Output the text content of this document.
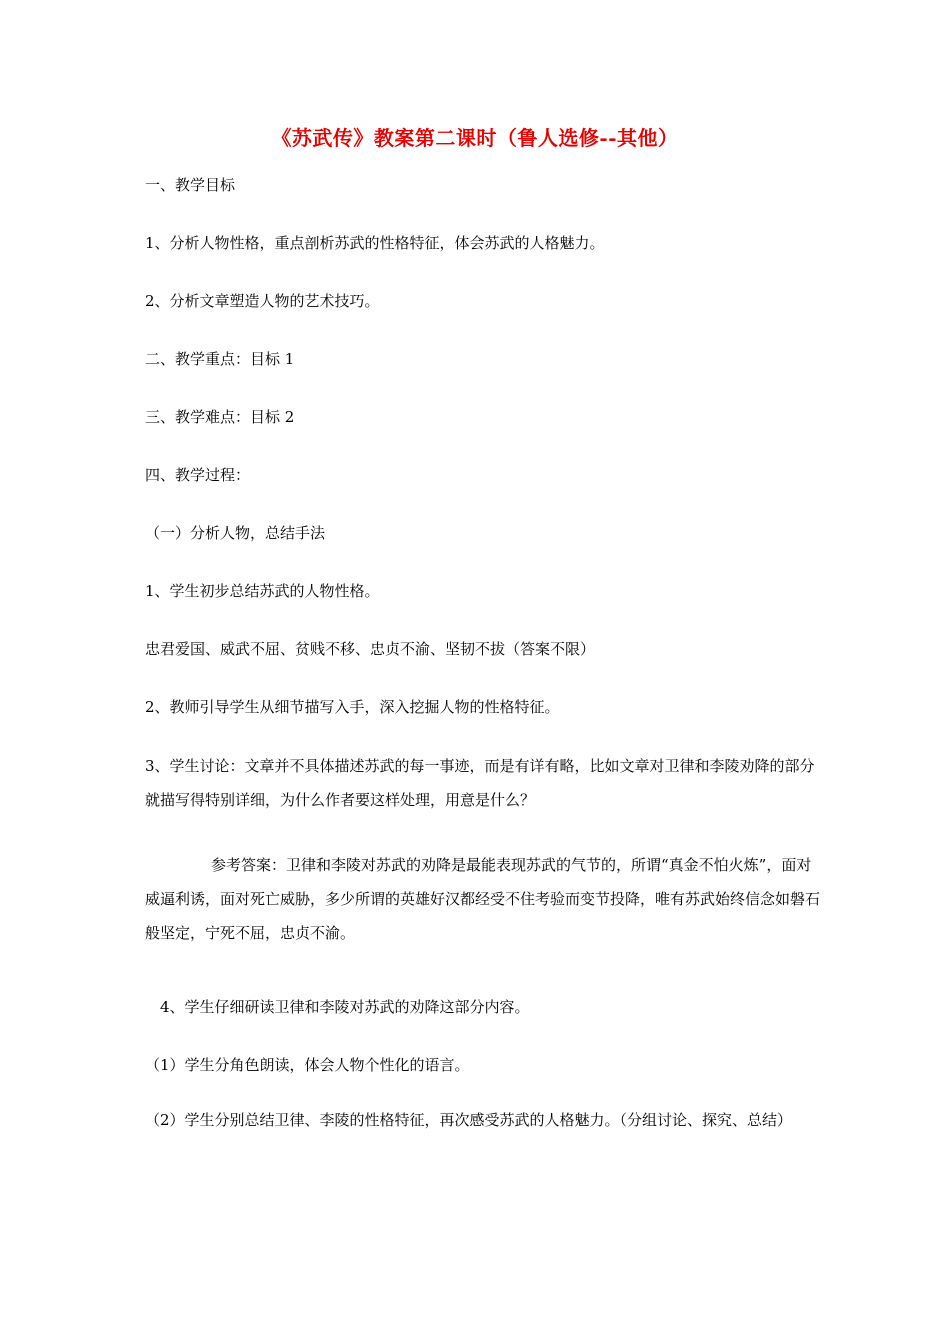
《苏武传》教案第二课时（鲁人选修--其他）
一、教学目标
1、分析人物性格，重点剖析苏武的性格特征，体会苏武的人格魅力。
2、分析文章塑造人物的艺术技巧。
二、教学重点：目标 1
三、教学难点：目标 2
四、教学过程：
（一）分析人物，总结手法
1、学生初步总结苏武的人物性格。
忠君爱国、威武不屈、贫贱不移、忠贞不渝、坚韧不拔（答案不限）
2、教师引导学生从细节描写入手，深入挖掘人物的性格特征。
3、学生讨论：文章并不具体描述苏武的每一事迹，而是有详有略，比如文章对卫律和李陵劝降的部分就描写得特别详细，为什么作者要这样处理，用意是什么？
参考答案：卫律和李陵对苏武的劝降是最能表现苏武的气节的，所谓“真金不怕火炼”，面对威逼利诱，面对死亡威胁，多少所谓的英雄好汉都经受不住考验而变节投降，唯有苏武始终信念如磐石般坚定，宁死不屈，忠贞不渝。
4、学生仔细研读卫律和李陵对苏武的劝降这部分内容。
（1）学生分角色朗读，体会人物个性化的语言。
（2）学生分别总结卫律、李陵的性格特征，再次感受苏武的人格魅力。（分组讨论、探究、总结）
